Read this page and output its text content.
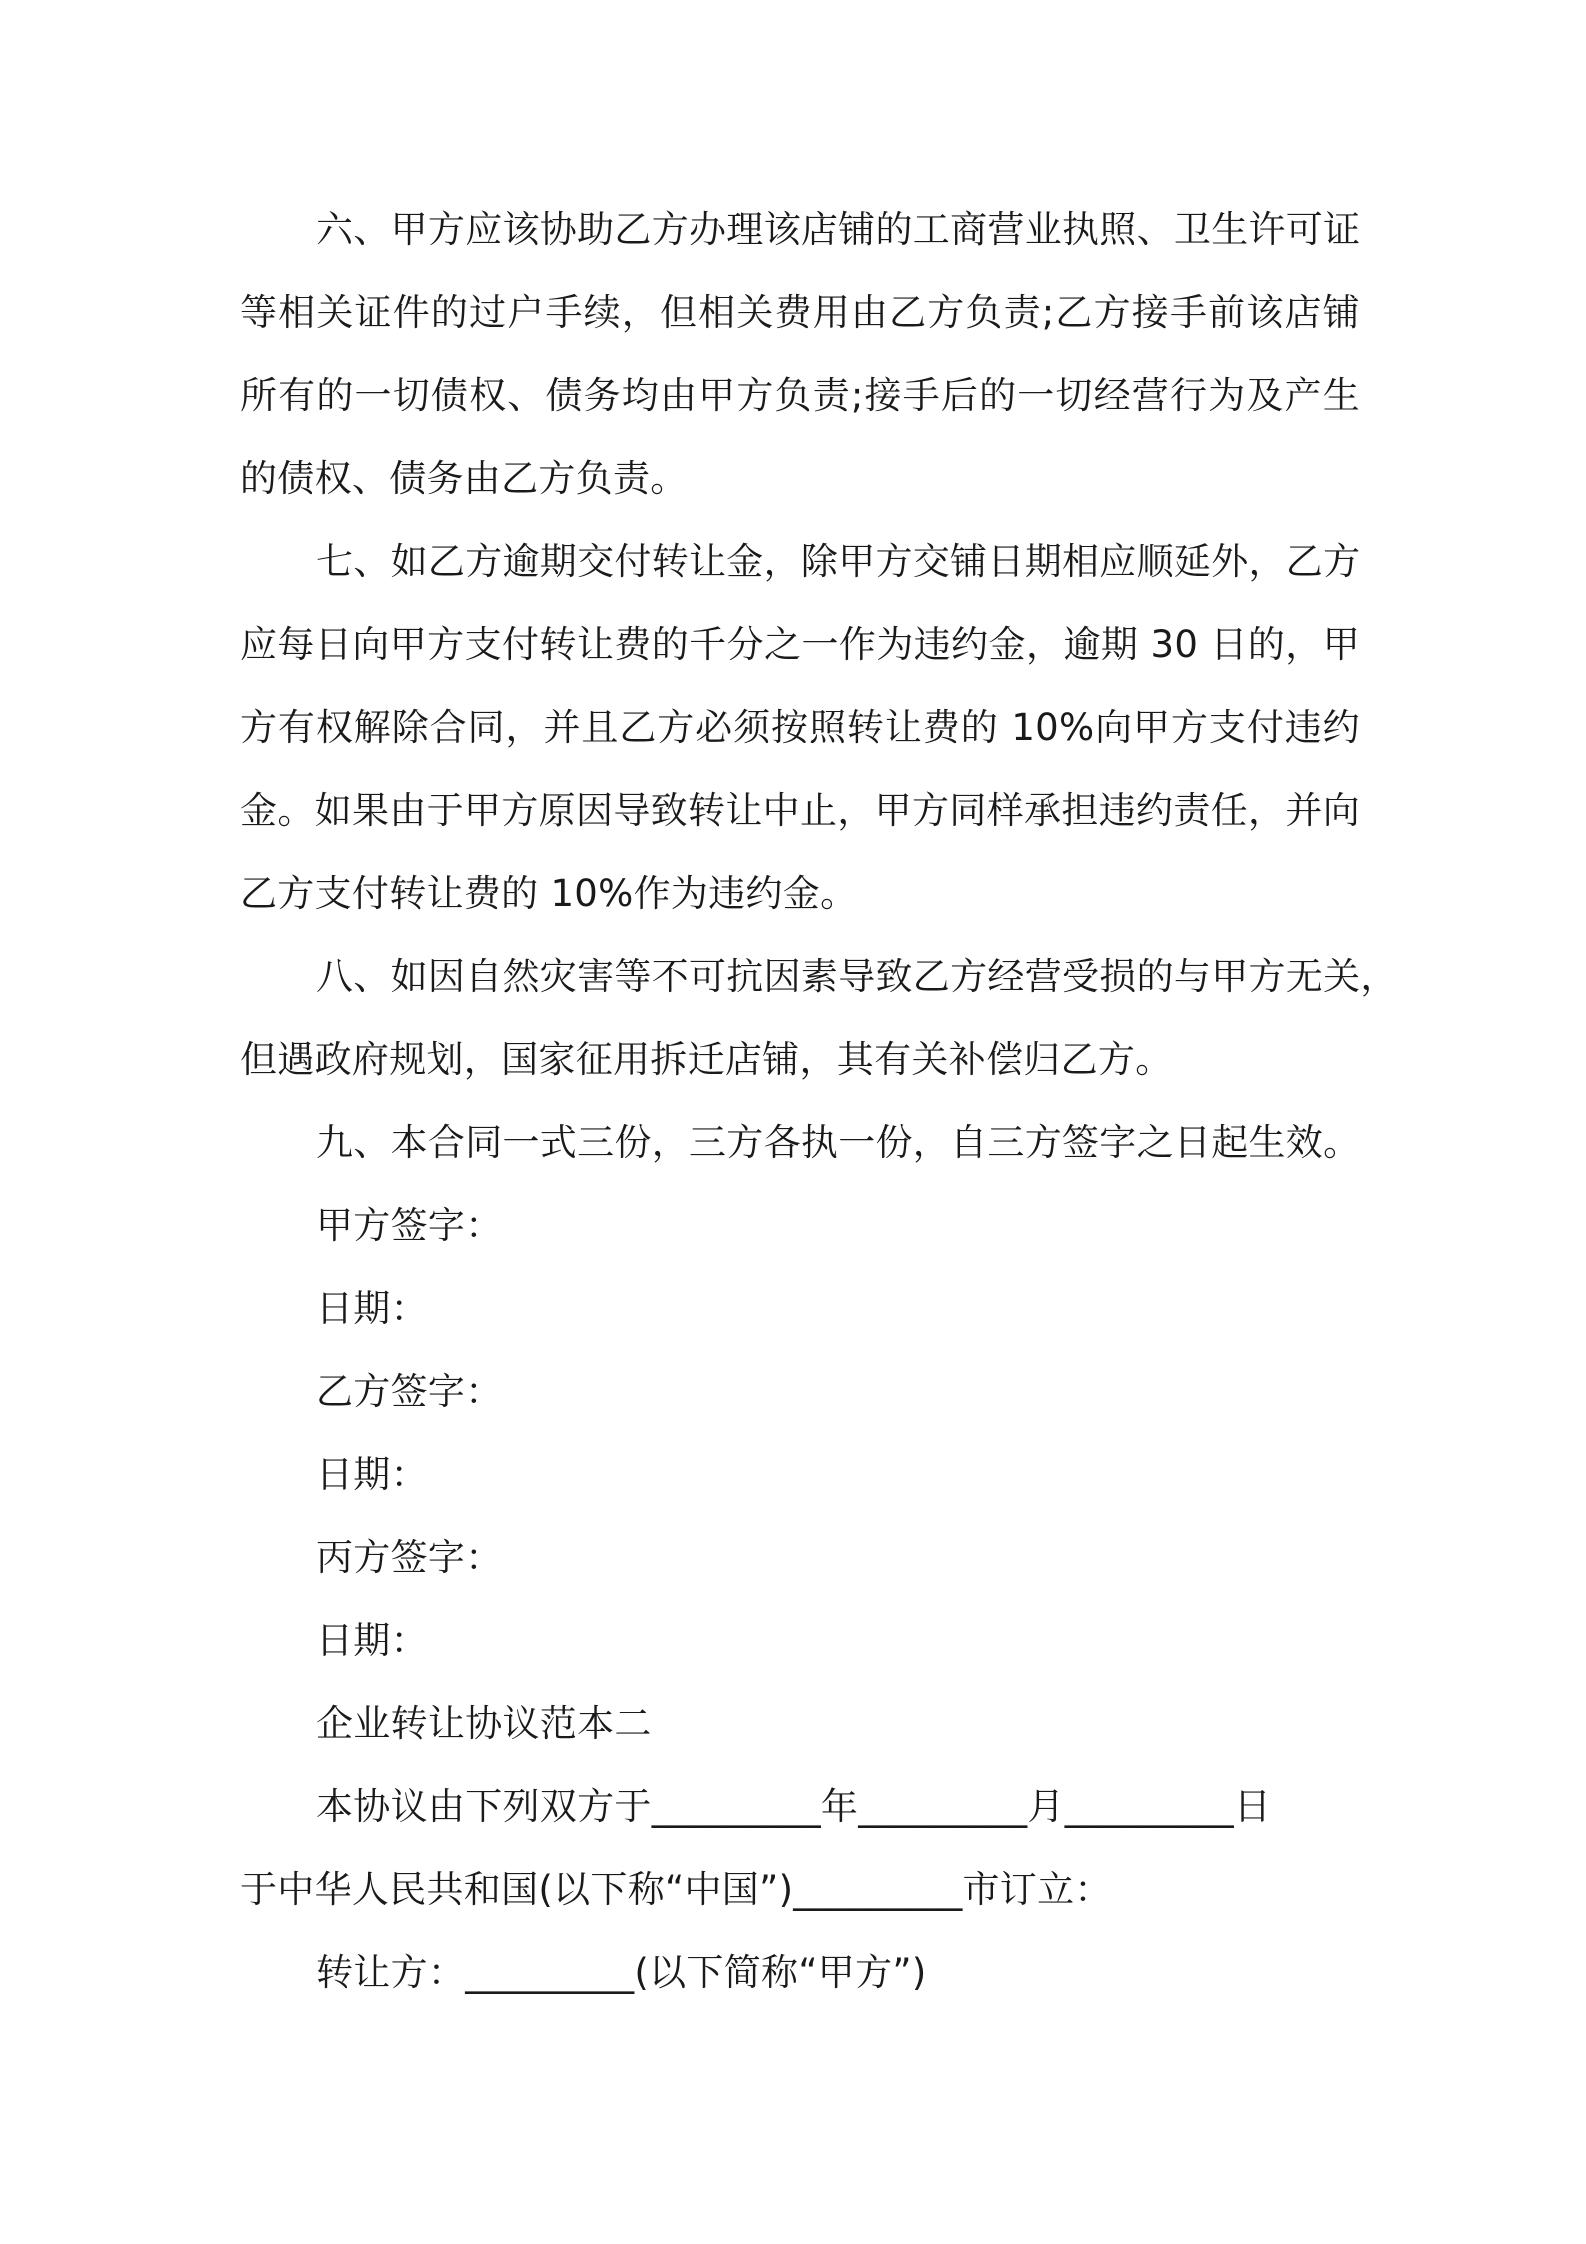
六、甲方应该协助乙方办理该店铺的工商营业执照、卫生许可证
等相关证件的过户手续，但相关费用由乙方负责;乙方接手前该店铺
所有的一切债权、债务均由甲方负责;接手后的一切经营行为及产生
的债权、债务由乙方负责。
七、如乙方逾期交付转让金，除甲方交铺日期相应顺延外，乙方
应每日向甲方支付转让费的千分之一作为违约金，逾期 30 日的，甲
方有权解除合同，并且乙方必须按照转让费的 10%向甲方支付违约
金。如果由于甲方原因导致转让中止，甲方同样承担违约责任，并向
乙方支付转让费的 10%作为违约金。
八、如因自然灾害等不可抗因素导致乙方经营受损的与甲方无关，
但遇政府规划，国家征用拆迁店铺，其有关补偿归乙方。
九、本合同一式三份，三方各执一份，自三方签字之日起生效。
甲方签字：
日期：
乙方签字：
日期：
丙方签字：
日期：
企业转让协议范本二
本协议由下列双方于_________年_________月_________日
于中华人民共和国(以下称“中国”)_________市订立：
转让方：_________(以下简称“甲方”)
